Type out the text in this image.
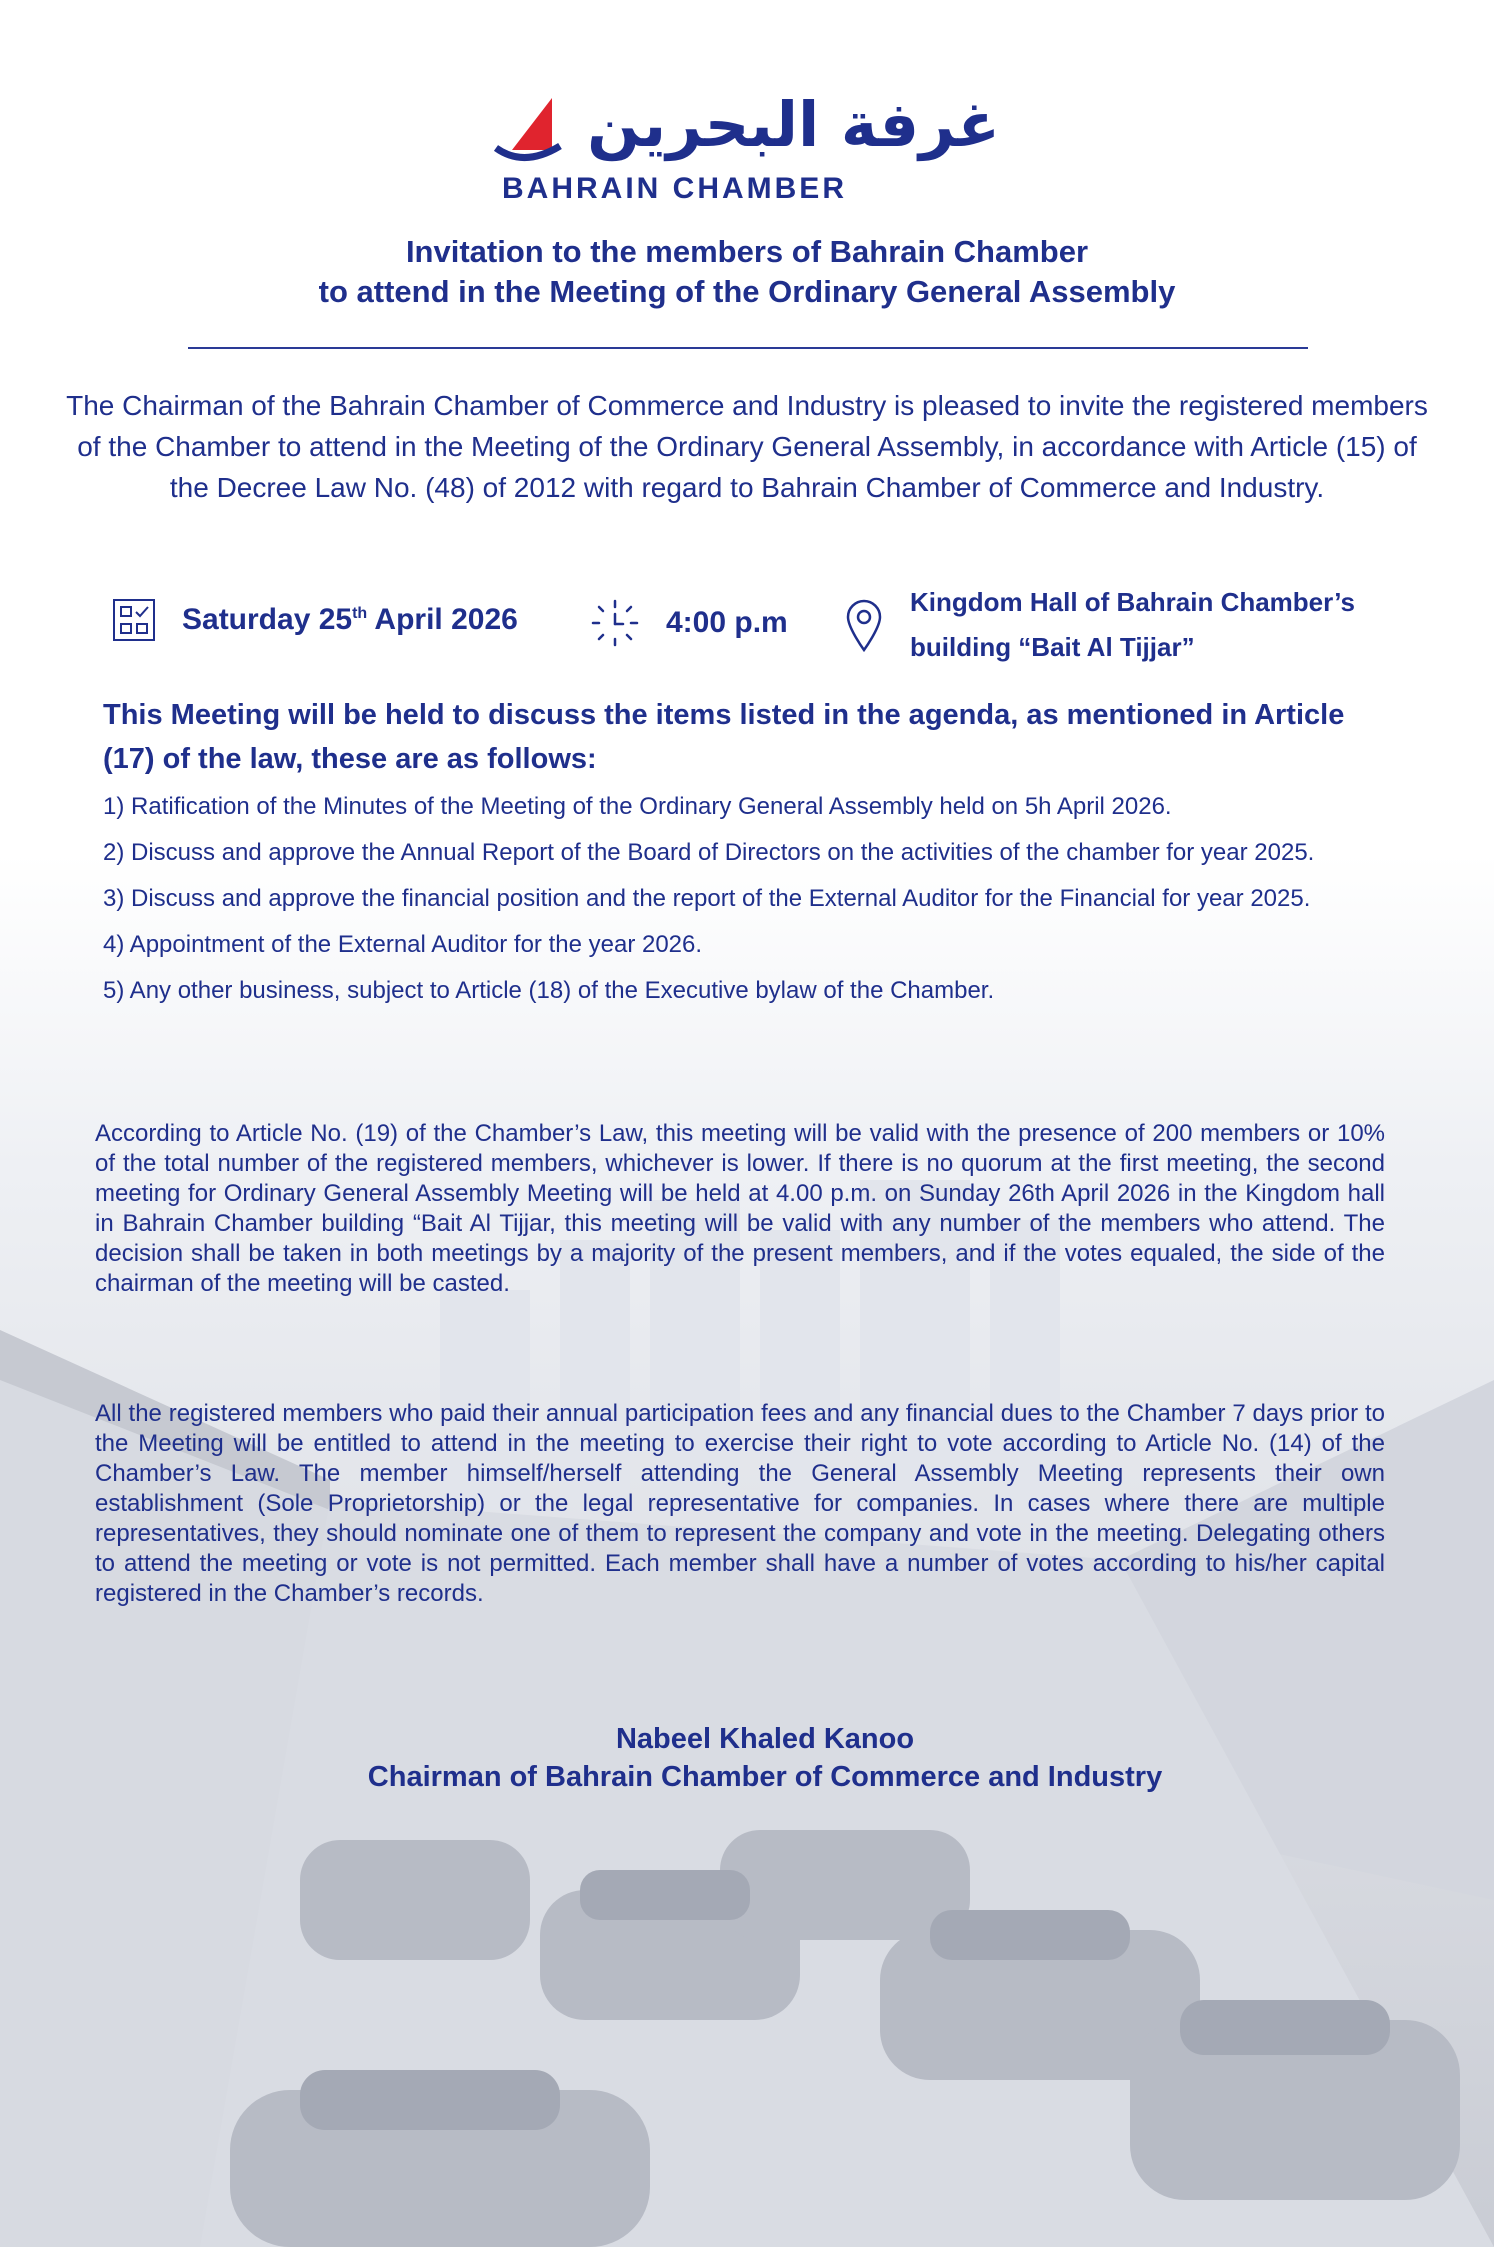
غرفة البحرين
BAHRAIN CHAMBER
Invitation to the members of Bahrain Chamber
to attend in the Meeting of the Ordinary General Assembly
The Chairman of the Bahrain Chamber of Commerce and Industry is pleased to invite the registered members of the Chamber to attend in the Meeting of the Ordinary General Assembly, in accordance with Article (15) of the Decree Law No. (48) of 2012 with regard to Bahrain Chamber of Commerce and Industry.
Saturday 25th April 2026	4:00 p.m
Kingdom Hall of Bahrain Chamber’s
building “Bait Al Tijjar”
This Meeting will be held to discuss the items listed in the agenda, as mentioned in Article (17) of the law, these are as follows:
1) Ratification of the Minutes of the Meeting of the Ordinary General Assembly held on 5h April 2026.
2) Discuss and approve the Annual Report of the Board of Directors on the activities of the chamber for year 2025.
3) Discuss and approve the financial position and the report of the External Auditor for the Financial for year 2025.
4) Appointment of the External Auditor for the year 2026.
5) Any other business, subject to Article (18) of the Executive bylaw of the Chamber.
According to Article No. (19) of the Chamber’s Law, this meeting will be valid with the presence of 200 members or 10% of the total number of the registered members, whichever is lower. If there is no quorum at the first meeting, the second meeting for Ordinary General Assembly Meeting will be held at 4.00 p.m. on Sunday 26th April 2026 in the Kingdom hall in Bahrain Chamber building “Bait Al Tijjar, this meeting will be valid with any number of the members who attend. The decision shall be taken in both meetings by a majority of the present members, and if the votes equaled, the side of the chairman of the meeting will be casted.
All the registered members who paid their annual participation fees and any financial dues to the Chamber 7 days prior to the Meeting will be entitled to attend in the meeting to exercise their right to vote according to Article No. (14) of the Chamber’s Law. The member himself/herself attending the General Assembly Meeting represents their own establishment (Sole Proprietorship) or the legal representative for companies. In cases where there are multiple representatives, they should nominate one of them to represent the company and vote in the meeting. Delegating others to attend the meeting or vote is not permitted. Each member shall have a number of votes according to his/her capital registered in the Chamber’s records.
Nabeel Khaled Kanoo
Chairman of Bahrain Chamber of Commerce and Industry
